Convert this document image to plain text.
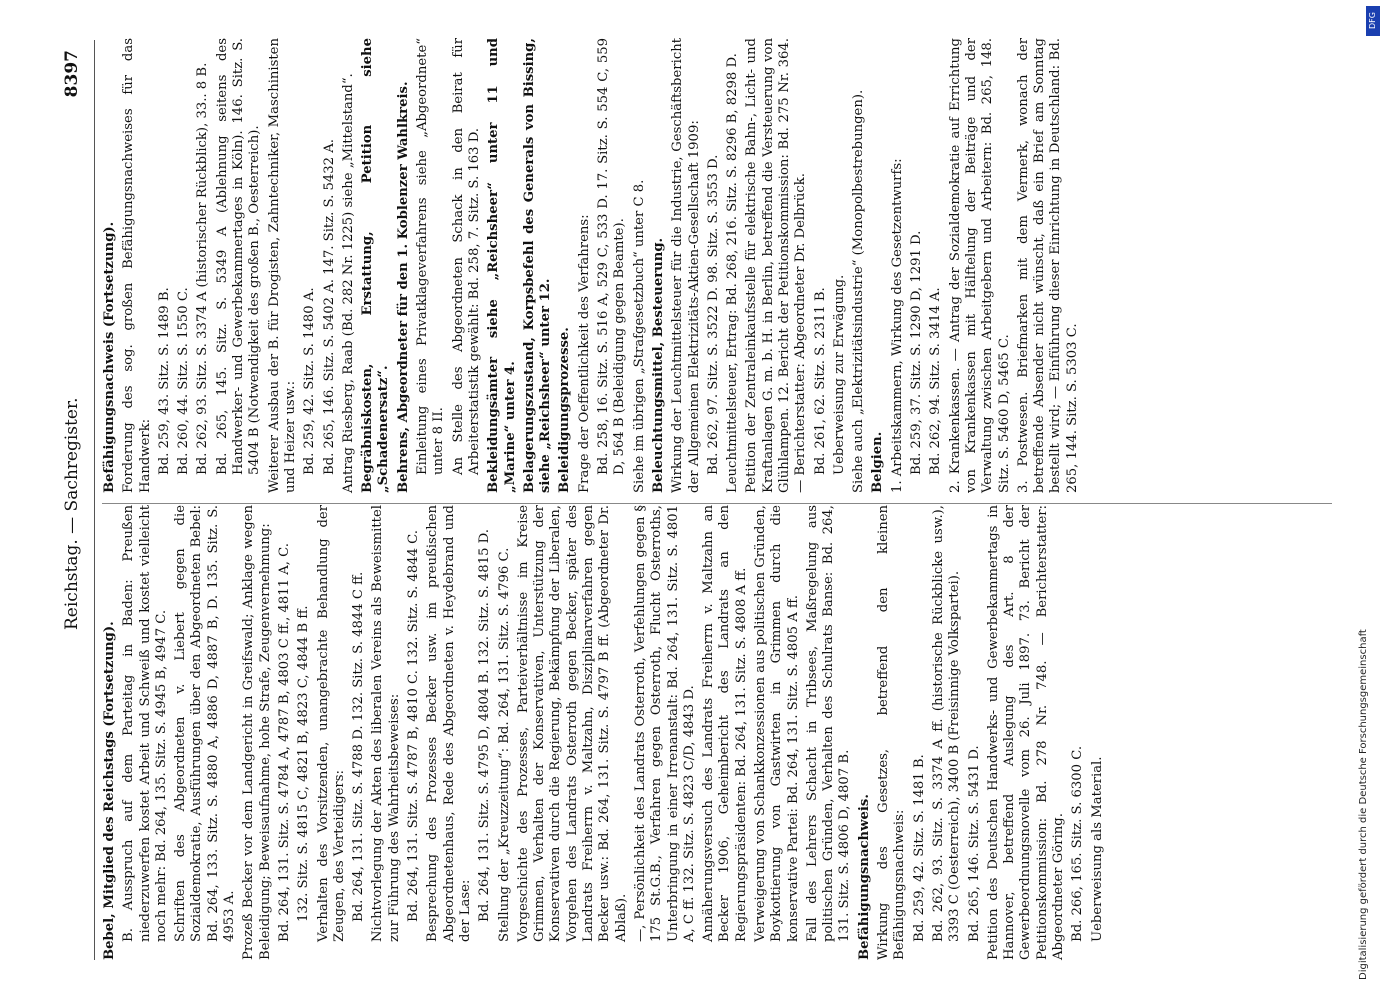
Reichstag. — Sachregister.
8397
Bebel, Mitglied des Reichstags (Fortsetzung). B. Ausspruch auf dem Parteitag in Baden: Preußen niederzuwerfen kostet Arbeit und Schweiß und kostet vielleicht noch mehr: Bd. 264, 135. Sitz. S. 4945 B, 4947 C. Schriften des Abgeordneten v. Liebert gegen die Sozialdemokratie, Ausführungen über den Abgeordneten Bebel: Bd. 264, 133. Sitz. S. 4880 A, 4886 D, 4887 B, D. 135. Sitz. S. 4953 A. Prozeß Becker vor dem Landgericht in Greifswald; Anklage wegen Beleidigung; Beweisaufnahme, hohe Strafe, Zeugenvernehmung: Bd. 264, 131. Sitz. S. 4784 A, 4787 B, 4803 C ff., 4811 A, C. 132. Sitz. S. 4815 C, 4821 B, 4823 C, 4844 B ff. Verhalten des Vorsitzenden, unangebrachte Behandlung der Zeugen, des Verteidigers: Bd. 264, 131. Sitz. S. 4788 D. 132. Sitz. S. 4844 C ff. Nichtvorlegung der Akten des liberalen Vereins als Beweismittel zur Führung des Wahrheitsbeweises: Bd. 264, 131. Sitz. S. 4787 B, 4810 C. 132. Sitz. S. 4844 C. Besprechung des Prozesses Becker usw. im preußischen Abgeordnetenhaus, Rede des Abgeordneten v. Heydebrand und der Lase: Bd. 264, 131. Sitz. S. 4795 D, 4804 B. 132. Sitz. S. 4815 D. Stellung der „Kreuzzeitung“: Bd. 264, 131. Sitz. S. 4796 C. Vorgeschichte des Prozesses, Parteiverhältnisse im Kreise Grimmen, Verhalten der Konservativen, Unterstützung der Konservativen durch die Regierung, Bekämpfung der Liberalen, Vorgehen des Landrats Osterroth gegen Becker, später des Landrats Freiherrn v. Maltzahn, Disziplinarverfahren gegen Becker usw.: Bd. 264, 131. Sitz. S. 4797 B ff. (Abgeordneter Dr. Ablaß). —, Persönlichkeit des Landrats Osterroth, Verfehlungen gegen § 175 St.G.B., Verfahren gegen Osterroth, Flucht Osterroths, Unterbringung in einer Irrenanstalt: Bd. 264, 131. Sitz. S. 4801 A, C ff. 132. Sitz. S. 4823 C/D, 4843 D. Annäherungsversuch des Landrats Freiherrn v. Maltzahn an Becker 1906, Geheimbericht des Landrats an den Regierungspräsidenten: Bd. 264, 131. Sitz. S. 4808 A ff. Verweigerung von Schankkonzessionen aus politischen Gründen, Boykottierung von Gastwirten in Grimmen durch die konservative Partei: Bd. 264, 131. Sitz. S. 4805 A ff. Fall des Lehrers Schacht in Tribsees, Maßregelung aus politischen Gründen, Verhalten des Schulrats Banse: Bd. 264, 131. Sitz. S. 4806 D, 4807 B. Befähigungsnachweis. Wirkung des Gesetzes, betreffend den kleinen Befähigungsnachweis: Bd. 259, 42. Sitz. S. 1481 B. Bd. 262, 93. Sitz. S. 3374 A ff. (historische Rückblicke usw.), 3393 C (Oesterreich), 3400 B (Freisinnige Volkspartei). Bd. 265, 146. Sitz. S. 5431 D. Petition des Deutschen Handwerks- und Gewerbekammertags in Hannover, betreffend Auslegung des Art. 8 der Gewerbeordnungsnovelle vom 26. Juli 1897. 73. Bericht der Petitionskommission: Bd. 278 Nr. 748. — Berichterstatter: Abgeordneter Göring. Bd. 266, 165. Sitz. S. 6300 C. Ueberweisung als Material.
Befähigungsnachweis (Fortsetzung). Forderung des sog. großen Befähigungsnachweises für das Handwerk: Bd. 259, 43. Sitz. S. 1489 B. Bd. 260, 44. Sitz. S. 1550 C. Bd. 262, 93. Sitz. S. 3374 A (historischer Rückblick), 33.. 8 B. Bd. 265, 145. Sitz. S. 5349 A (Ablehnung seitens des Handwerker- und Gewerbekammertages in Köln). 146. Sitz. S. 5404 B (Notwendigkeit des großen B., Oesterreich). Weiterer Ausbau der B. für Drogisten, Zahntechniker, Maschinisten und Heizer usw.: Bd. 259, 42. Sitz. S. 1480 A. Bd. 265, 146. Sitz. S. 5402 A. 147. Sitz. S. 5432 A. Antrag Riesberg, Raab (Bd. 282 Nr. 1225) siehe „Mittelstand“. Begräbniskosten, Erstattung, Petition siehe „Schadenersatz“. Behrens, Abgeordneter für den 1. Koblenzer Wahlkreis. Einleitung eines Privatklageverfahrens siehe „Abgeordnete“ unter 8 II. An Stelle des Abgeordneten Schack in den Beirat für Arbeiterstatistik gewählt: Bd. 258, 7. Sitz. S. 163 D. Bekleidungsämter siehe „Reichsheer“ unter 11 und „Marine“ unter 4. Belagerungszustand, Korpsbefehl des Generals von Bissing, siehe „Reichsheer“ unter 12. Beleidigungsprozesse. Frage der Oeffentlichkeit des Verfahrens: Bd. 258, 16. Sitz. S. 516 A, 529 C, 533 D. 17. Sitz. S. 554 C, 559 D, 564 B (Beleidigung gegen Beamte). Siehe im übrigen „Strafgesetzbuch“ unter C 8. Beleuchtungsmittel, Besteuerung. Wirkung der Leuchtmittelsteuer für die Industrie, Geschäftsbericht der Allgemeinen Elektrizitäts-Aktien-Gesellschaft 1909: Bd. 262, 97. Sitz. S. 3522 D. 98. Sitz. S. 3553 D. Leuchtmittelsteuer, Ertrag: Bd. 268, 216. Sitz. S. 8296 B, 8298 D. Petition der Zentraleinkaufsstelle für elektrische Bahn-, Licht- und Kraftanlagen G. m. b. H. in Berlin, betreffend die Versteuerung von Glühlampen. 12. Bericht der Petitionskommission: Bd. 275 Nr. 364. — Berichterstatter: Abgeordneter Dr. Delbrück. Bd. 261, 62. Sitz. S. 2311 B. Ueberweisung zur Erwägung. Siehe auch „Elektrizitätsindustrie“ (Monopolbestrebungen). Belgien. 1. Arbeitskammern, Wirkung des Gesetzentwurfs: Bd. 259, 37. Sitz. S. 1290 D, 1291 D. Bd. 262, 94. Sitz. S. 3414 A. 2. Krankenkassen. — Antrag der Sozialdemokratie auf Errichtung von Krankenkassen mit Hälftelung der Beiträge und der Verwaltung zwischen Arbeitgebern und Arbeitern: Bd. 265, 148. Sitz. S. 5460 D, 5465 C. 3. Postwesen. Briefmarken mit dem Vermerk, wonach der betreffende Absender nicht wünscht, daß ein Brief am Sonntag bestellt wird; — Einführung dieser Einrichtung in Deutschland: Bd. 265, 144. Sitz. S. 5303 C.
Digitalisierung gefördert durch die Deutsche Forschungsgemeinschaft
DFG
